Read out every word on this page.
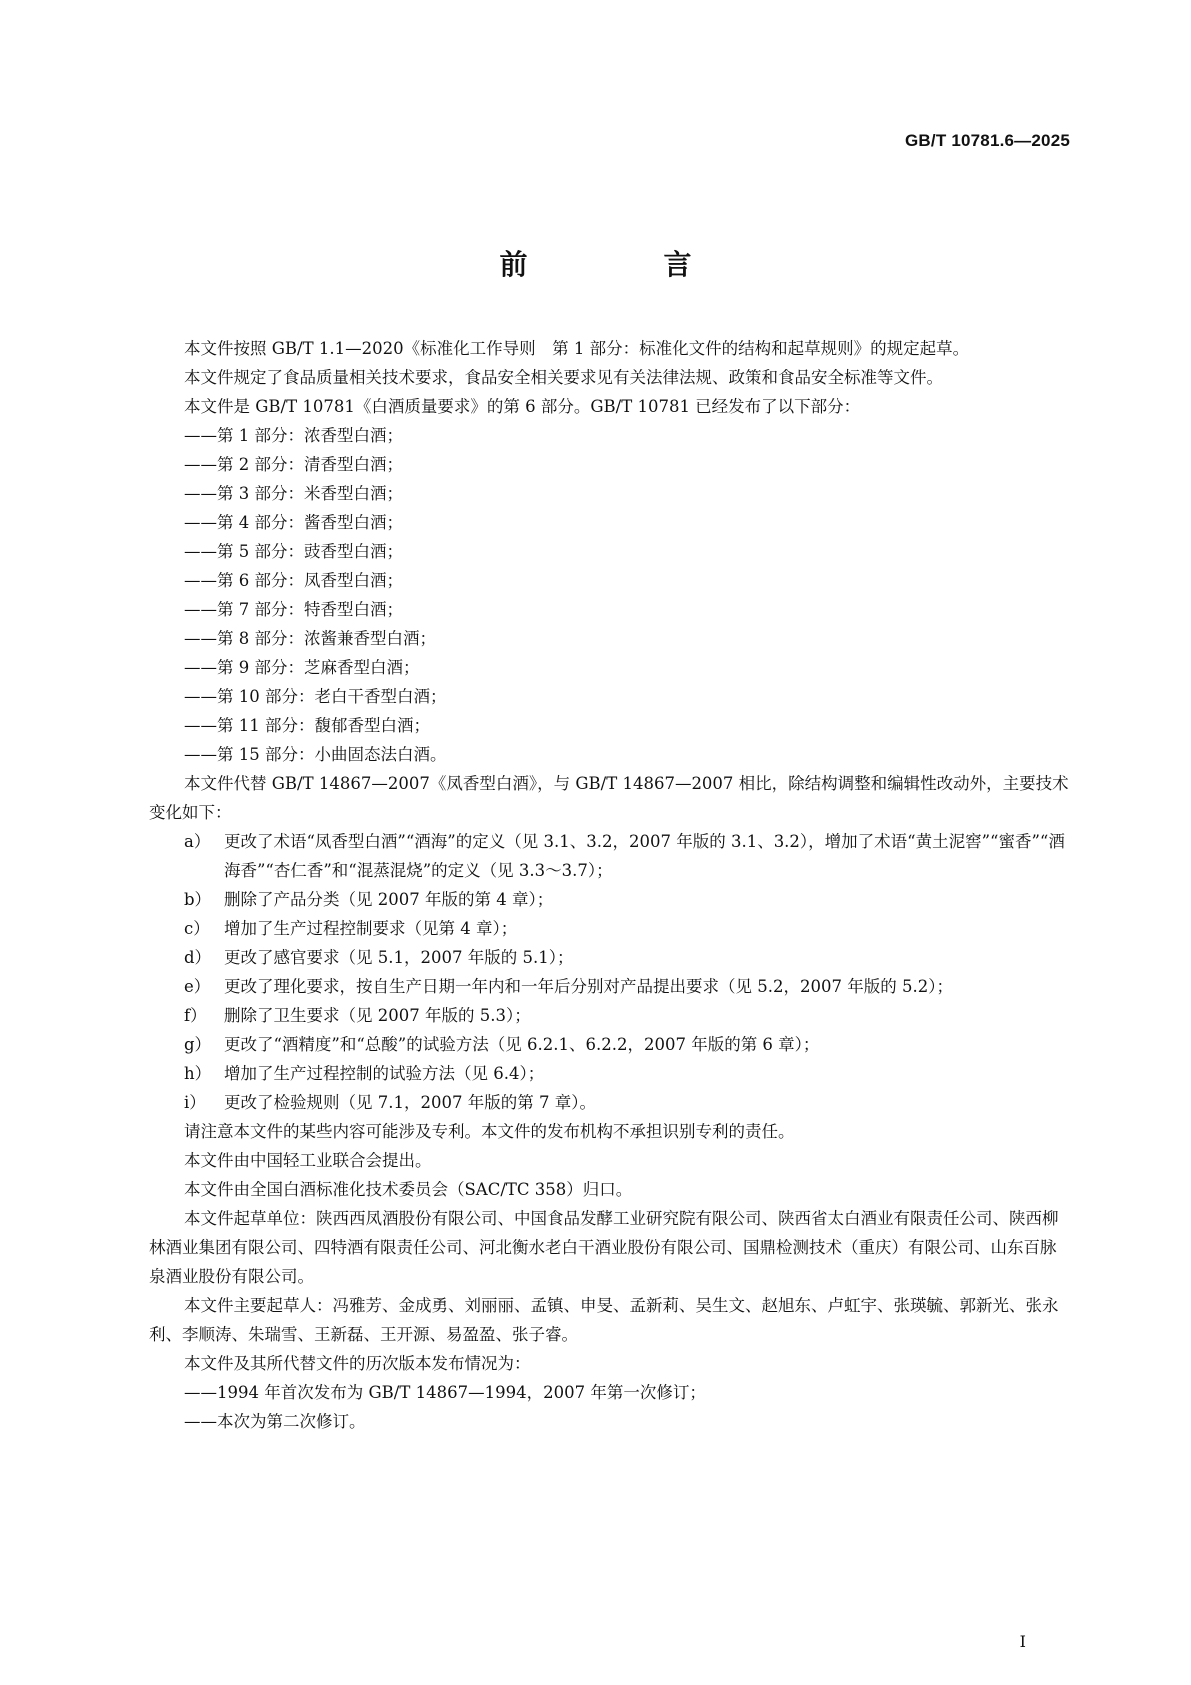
GB/T 10781.6—2025
前　言

本文件按照 GB/T 1.1—2020《标准化工作导则　第 1 部分：标准化文件的结构和起草规则》的规定起草。

本文件规定了食品质量相关技术要求，食品安全相关要求见有关法律法规、政策和食品安全标准等文件。

本文件是 GB/T 10781《白酒质量要求》的第 6 部分。GB/T 10781 已经发布了以下部分：

——第 1 部分：浓香型白酒；

——第 2 部分：清香型白酒；

——第 3 部分：米香型白酒；

——第 4 部分：酱香型白酒；

——第 5 部分：豉香型白酒；

——第 6 部分：凤香型白酒；

——第 7 部分：特香型白酒；

——第 8 部分：浓酱兼香型白酒；

——第 9 部分：芝麻香型白酒；

——第 10 部分：老白干香型白酒；

——第 11 部分：馥郁香型白酒；

——第 15 部分：小曲固态法白酒。

本文件代替 GB/T 14867—2007《凤香型白酒》，与 GB/T 14867—2007 相比，除结构调整和编辑性改动外，主要技术变化如下：

a） 更改了术语“凤香型白酒”“酒海”的定义（见 3.1、3.2，2007 年版的 3.1、3.2），增加了术语“黄土泥窖”“蜜香”“酒海香”“杏仁香”和“混蒸混烧”的定义（见 3.3～3.7）；
b） 删除了产品分类（见 2007 年版的第 4 章）；
c） 增加了生产过程控制要求（见第 4 章）；
d） 更改了感官要求（见 5.1，2007 年版的 5.1）；
e） 更改了理化要求，按自生产日期一年内和一年后分别对产品提出要求（见 5.2，2007 年版的 5.2）；
f）	删除了卫生要求（见 2007 年版的 5.3）；
g） 更改了“酒精度”和“总酸”的试验方法（见 6.2.1、6.2.2，2007 年版的第 6 章）；
h） 增加了生产过程控制的试验方法（见 6.4）；
i）	更改了检验规则（见 7.1，2007 年版的第 7 章）。

请注意本文件的某些内容可能涉及专利。本文件的发布机构不承担识别专利的责任。

本文件由中国轻工业联合会提出。

本文件由全国白酒标准化技术委员会（SAC/TC 358）归口。

本文件起草单位：陕西西凤酒股份有限公司、中国食品发酵工业研究院有限公司、陕西省太白酒业有限责任公司、陕西柳林酒业集团有限公司、四特酒有限责任公司、河北衡水老白干酒业股份有限公司、国鼎检测技术（重庆）有限公司、山东百脉泉酒业股份有限公司。

本文件主要起草人：冯雅芳、金成勇、刘丽丽、孟镇、申旻、孟新莉、吴生文、赵旭东、卢虹宇、张瑛毓、郭新光、张永利、李顺涛、朱瑞雪、王新磊、王开源、易盈盈、张子睿。

本文件及其所代替文件的历次版本发布情况为：

——1994 年首次发布为 GB/T 14867—1994，2007 年第一次修订；

——本次为第二次修订。

I
